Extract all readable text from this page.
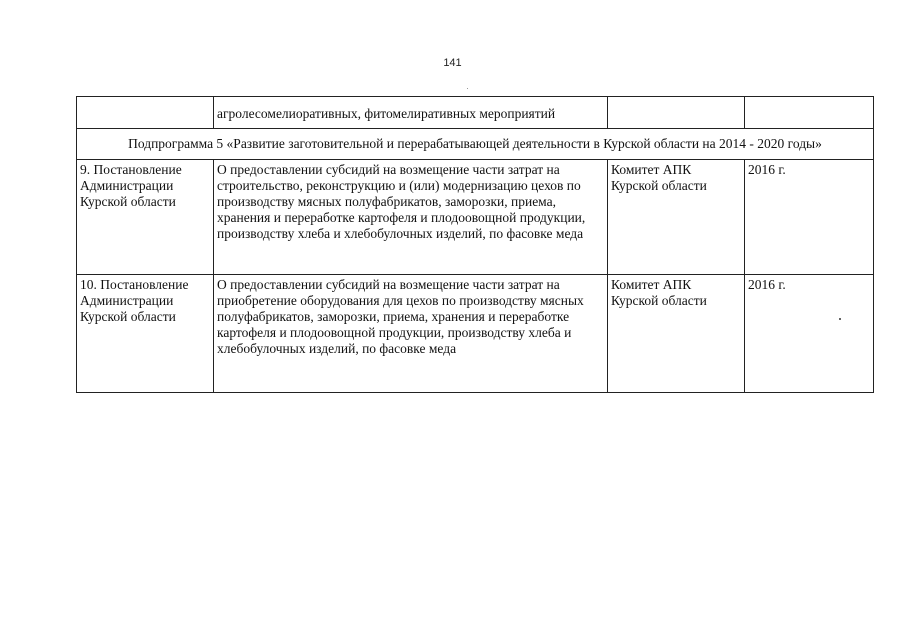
141
	агролесомелиоративных, фитомелиративных мероприятий		
Подпрограмма 5 «Развитие заготовительной и перерабатывающей деятельности в Курской области на 2014 - 2020 годы»			
9. Постановление Администрации Курской области	О предоставлении субсидий на возмещение части затрат на строительство, реконструкцию и (или) модернизацию цехов по производству мясных полуфабрикатов, заморозки, приема, хранения и переработке картофеля и плодоовощной продукции, производству хлеба и хлебобулочных изделий, по фасовке меда	Комитет АПК Курской области	2016 г.
10. Постановление Администрации Курской области	О предоставлении субсидий на возмещение части затрат на приобретение оборудования для цехов по производству мясных полуфабрикатов, заморозки, приема, хранения и переработке картофеля и плодоовощной продукции, производству хлеба и хлебобулочных изделий, по фасовке меда	Комитет АПК Курской области	2016 г.
